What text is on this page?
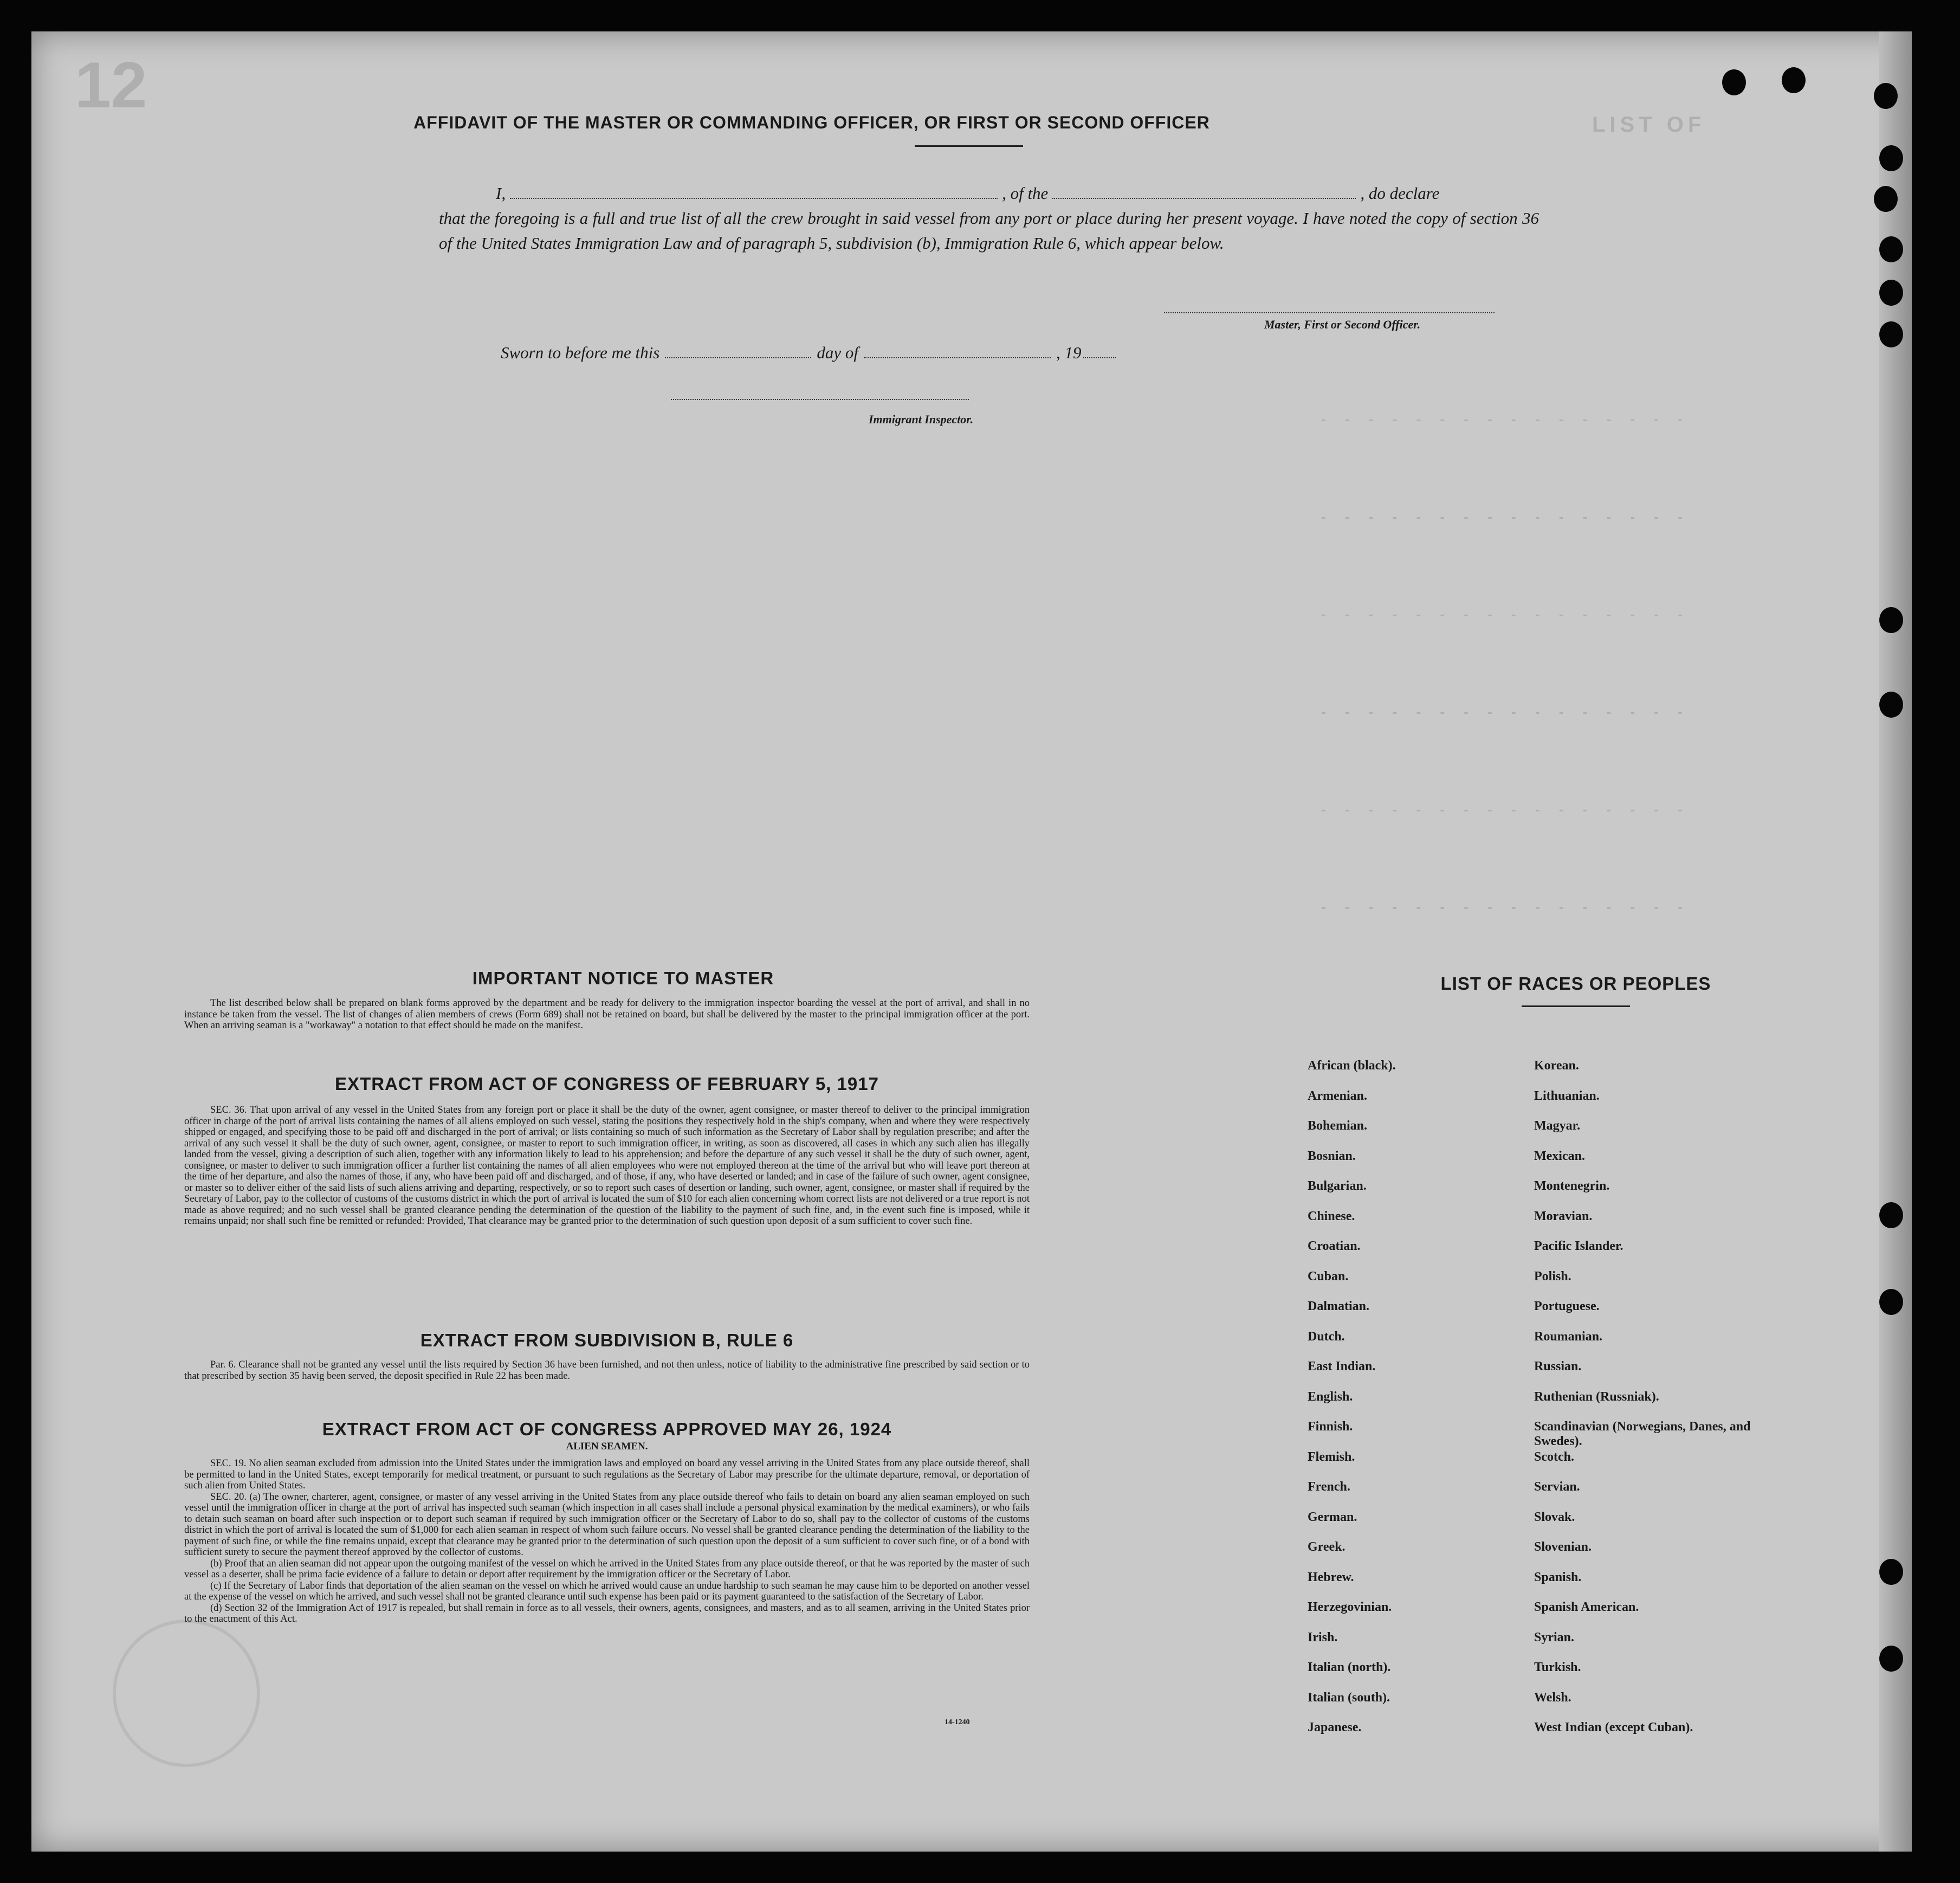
12
LIST OF
- - - - - - - - - - - - - - - -
- - - - - - - - - - - - - - - -
- - - - - - - - - - - - - - - -
- - - - - - - - - - - - - - - -
- - - - - - - - - - - - - - - -
- - - - - - - - - - - - - - - -
AFFIDAVIT OF THE MASTER OR COMMANDING OFFICER, OR FIRST OR SECOND OFFICER
I,	, of the	, do declare
that the foregoing is a full and true list of all the crew brought in said vessel from any port or place during her present voyage. I have noted the copy of section 36 of the United States Immigration Law and of paragraph 5, subdivision (b), Immigration Rule 6, which appear below.
Master, First or Second Officer.
Sworn to before me this	day of	, 19
Immigrant Inspector.
IMPORTANT NOTICE TO MASTER

The list described below shall be prepared on blank forms approved by the department and be ready for delivery to the immigration inspector boarding the vessel at the port of arrival, and shall in no instance be taken from the vessel. The list of changes of alien members of crews (Form 689) shall not be retained on board, but shall be delivered by the master to the principal immigration officer at the port. When an arriving seaman is a "workaway" a notation to that effect should be made on the manifest.

EXTRACT FROM ACT OF CONGRESS OF FEBRUARY 5, 1917

SEC. 36. That upon arrival of any vessel in the United States from any foreign port or place it shall be the duty of the owner, agent consignee, or master thereof to deliver to the principal immigration officer in charge of the port of arrival lists containing the names of all aliens employed on such vessel, stating the positions they respectively hold in the ship's company, when and where they were respectively shipped or engaged, and specifying those to be paid off and discharged in the port of arrival; or lists containing so much of such information as the Secretary of Labor shall by regulation prescribe; and after the arrival of any such vessel it shall be the duty of such owner, agent, consignee, or master to report to such immigration officer, in writing, as soon as discovered, all cases in which any such alien has illegally landed from the vessel, giving a description of such alien, together with any information likely to lead to his apprehension; and before the departure of any such vessel it shall be the duty of such owner, agent, consignee, or master to deliver to such immigration officer a further list containing the names of all alien employees who were not employed thereon at the time of the arrival but who will leave port thereon at the time of her departure, and also the names of those, if any, who have been paid off and discharged, and of those, if any, who have deserted or landed; and in case of the failure of such owner, agent consignee, or master so to deliver either of the said lists of such aliens arriving and departing, respectively, or so to report such cases of desertion or landing, such owner, agent, consignee, or master shall if required by the Secretary of Labor, pay to the collector of customs of the customs district in which the port of arrival is located the sum of $10 for each alien concerning whom correct lists are not delivered or a true report is not made as above required; and no such vessel shall be granted clearance pending the determination of the question of the liability to the payment of such fine, and, in the event such fine is imposed, while it remains unpaid; nor shall such fine be remitted or refunded: Provided, That clearance may be granted prior to the determination of such question upon deposit of a sum sufficient to cover such fine.

EXTRACT FROM SUBDIVISION B, RULE 6

Par. 6. Clearance shall not be granted any vessel until the lists required by Section 36 have been furnished, and not then unless, notice of liability to the administrative fine prescribed by said section or to that prescribed by section 35 havig been served, the deposit specified in Rule 22 has been made.

EXTRACT FROM ACT OF CONGRESS APPROVED MAY 26, 1924
ALIEN SEAMEN.

SEC. 19. No alien seaman excluded from admission into the United States under the immigration laws and employed on board any vessel arriving in the United States from any place outside thereof, shall be permitted to land in the United States, except temporarily for medical treatment, or pursuant to such regulations as the Secretary of Labor may prescribe for the ultimate departure, removal, or deportation of such alien from United States.

SEC. 20. (a) The owner, charterer, agent, consignee, or master of any vessel arriving in the United States from any place outside thereof who fails to detain on board any alien seaman employed on such vessel until the immigration officer in charge at the port of arrival has inspected such seaman (which inspection in all cases shall include a personal physical examination by the medical examiners), or who fails to detain such seaman on board after such inspection or to deport such seaman if required by such immigration officer or the Secretary of Labor to do so, shall pay to the collector of customs of the customs district in which the port of arrival is located the sum of $1,000 for each alien seaman in respect of whom such failure occurs. No vessel shall be granted clearance pending the determination of the liability to the payment of such fine, or while the fine remains unpaid, except that clearance may be granted prior to the determination of such question upon the deposit of a sum sufficient to cover such fine, or of a bond with sufficient surety to secure the payment thereof approved by the collector of customs.

(b) Proof that an alien seaman did not appear upon the outgoing manifest of the vessel on which he arrived in the United States from any place outside thereof, or that he was reported by the master of such vessel as a deserter, shall be prima facie evidence of a failure to detain or deport after requirement by the immigration officer or the Secretary of Labor.

(c) If the Secretary of Labor finds that deportation of the alien seaman on the vessel on which he arrived would cause an undue hardship to such seaman he may cause him to be deported on another vessel at the expense of the vessel on which he arrived, and such vessel shall not be granted clearance until such expense has been paid or its payment guaranteed to the satisfaction of the Secretary of Labor.

(d) Section 32 of the Immigration Act of 1917 is repealed, but shall remain in force as to all vessels, their owners, agents, consignees, and masters, and as to all seamen, arriving in the United States prior to the enactment of this Act.

14-1240
LIST OF RACES OR PEOPLES
African (black).	Korean.
Armenian.	Lithuanian.
Bohemian.	Magyar.
Bosnian.	Mexican.
Bulgarian.	Montenegrin.
Chinese.	Moravian.
Croatian.	Pacific Islander.
Cuban.	Polish.
Dalmatian.	Portuguese.
Dutch.	Roumanian.
East Indian.	Russian.
English.	Ruthenian (Russniak).
Finnish.	Scandinavian (Norwegians, Danes, and Swedes).
Flemish.	Scotch.
French.	Servian.
German.	Slovak.
Greek.	Slovenian.
Hebrew.	Spanish.
Herzegovinian.	Spanish American.
Irish.	Syrian.
Italian (north).	Turkish.
Italian (south).	Welsh.
Japanese.	West Indian (except Cuban).
